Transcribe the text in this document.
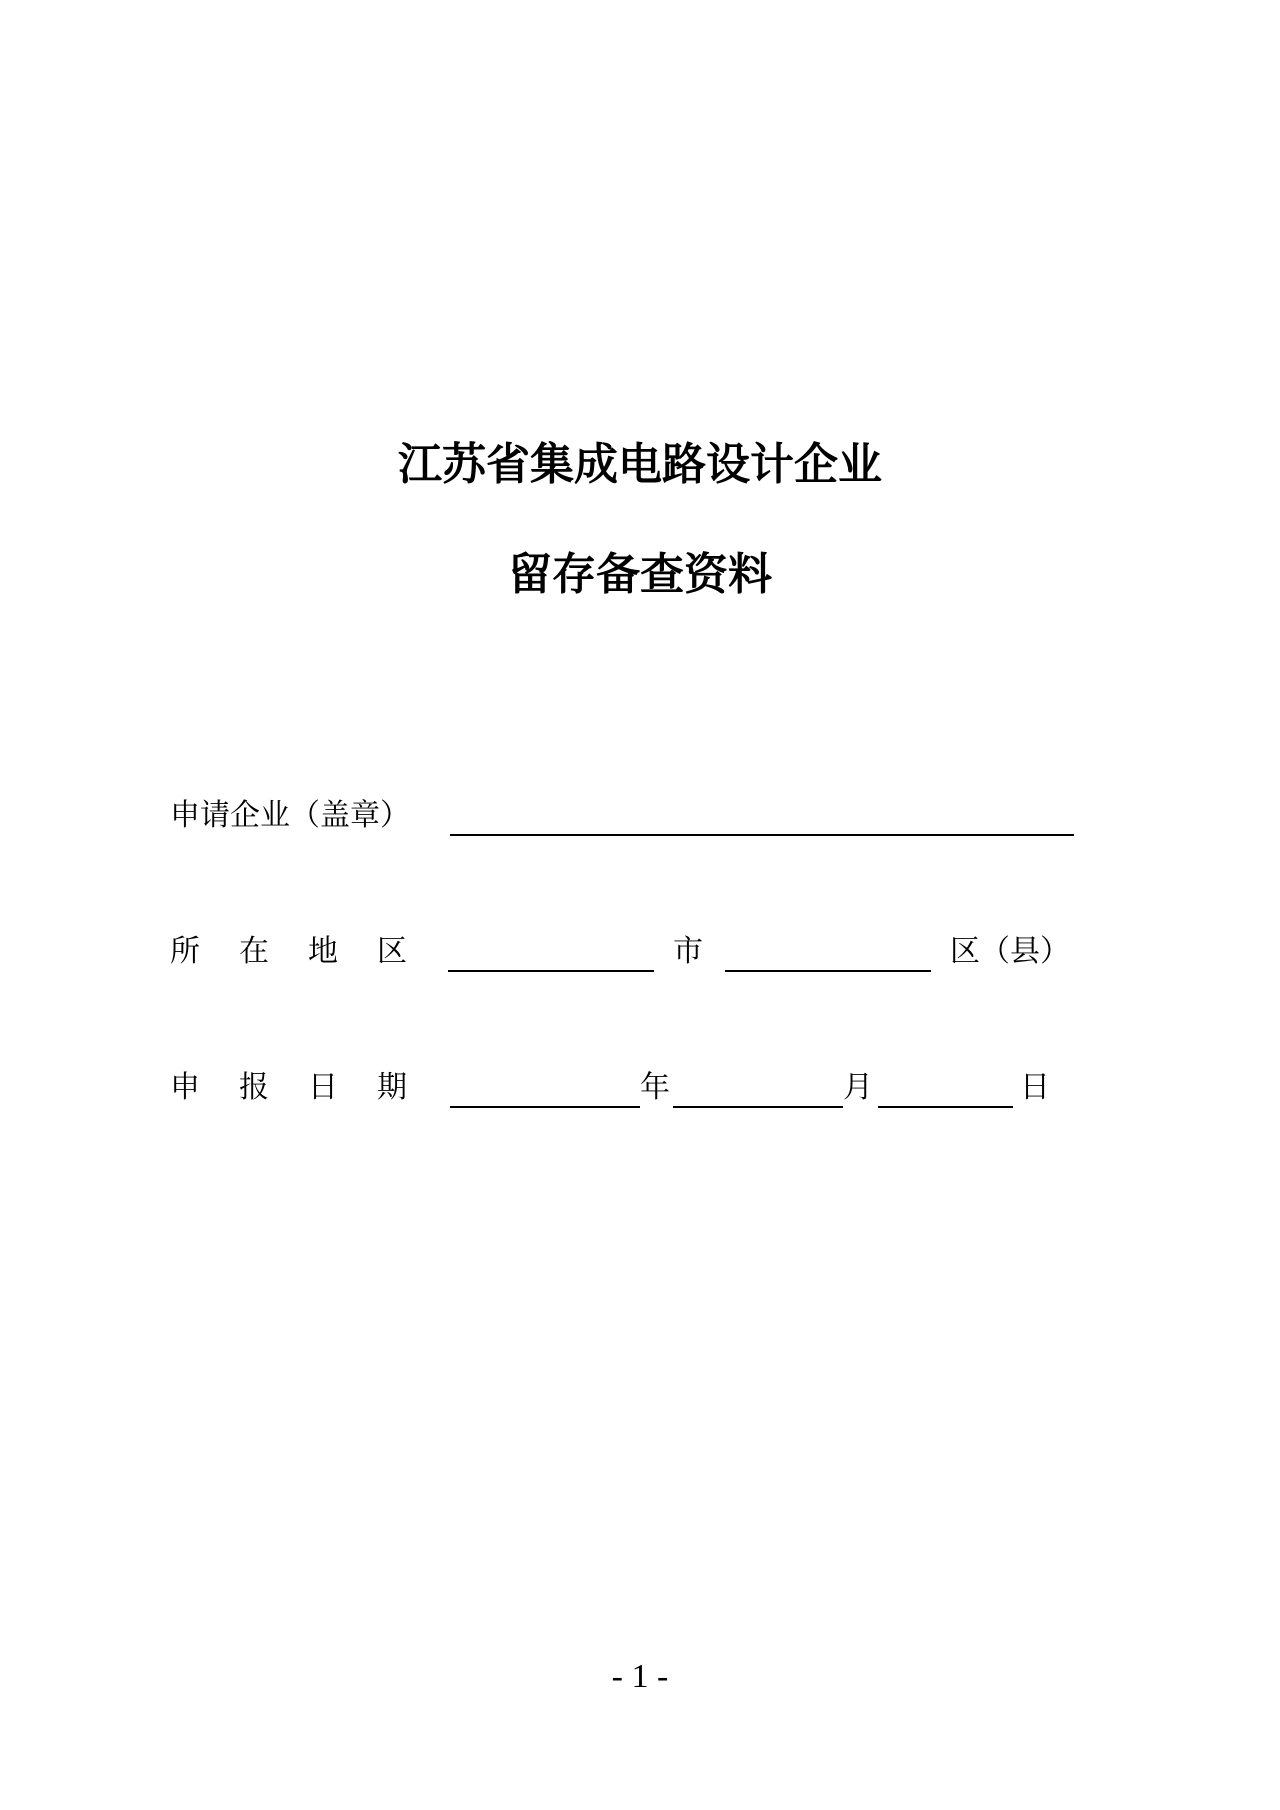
江苏省集成电路设计企业
留存备查资料
申请企业（盖章）
所 在 地 区	市	区（县）
申 报 日 期	年	月	日
- 1 -
